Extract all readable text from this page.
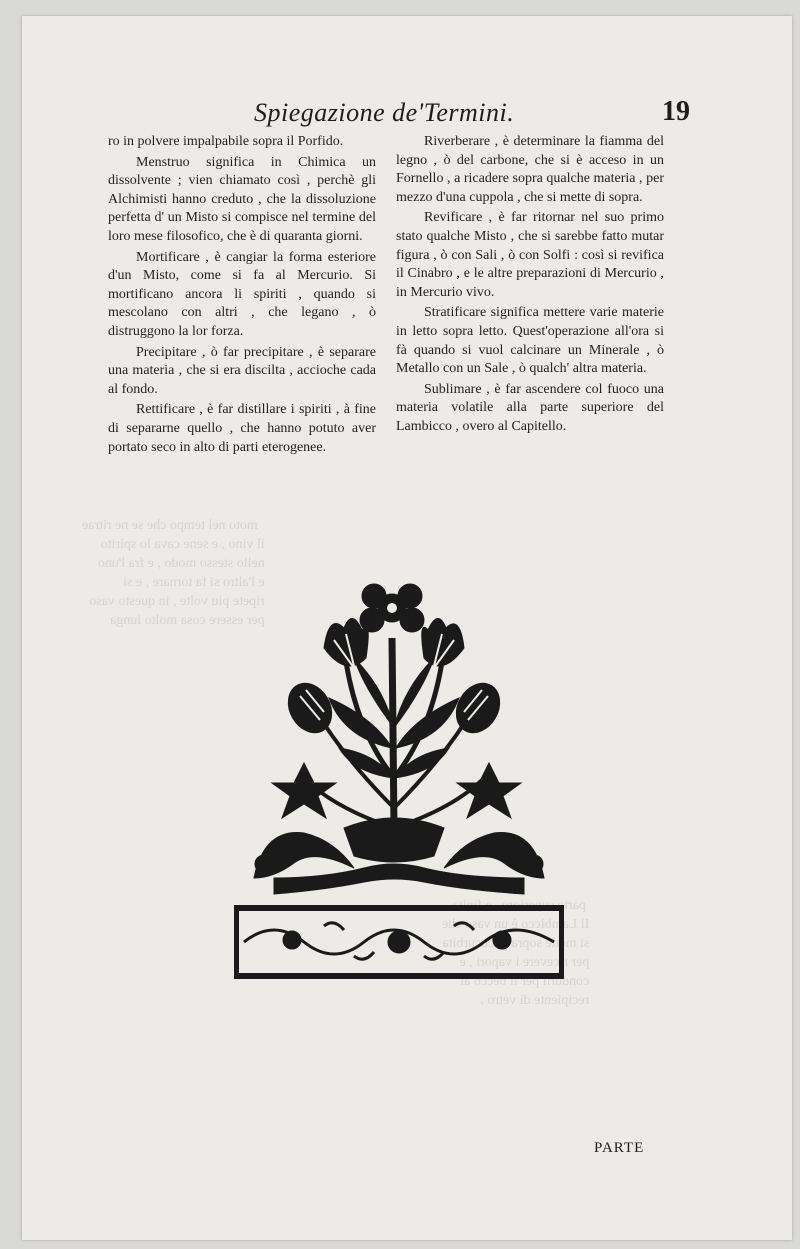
moto nel tempo che se ne ritrae
il vino , e sene cava lo spirito
nello stesso modo , e fra l'uno
e l'altro si fa tornare , e si
ripete piu volte , in questo vaso
per essere cosa molto lunga
parte superiore , e finita ,
Il Lambicco è un vaso che
si mette sopra  cucurbita
per ricevere i vapori , e
condurli per il becco al
recipiente di vetro .
Spiegazione de'Termini.	19

ro in polvere impalpabile sopra il Porfido.

Menstruo significa in Chimica un dissolvente ; vien chiamato così , perchè gli Alchimisti hanno creduto , che la dissoluzione perfetta d' un Misto si compisce nel termine del loro mese filosofico, che è di quaranta giorni.

Mortificare , è cangiar la forma esteriore d'un Misto, come si fa al Mercurio. Si mortificano ancora li spiriti , quando si mescolano con altri , che legano , ò distruggono la lor forza.

Precipitare , ò far precipitare , è separare una materia , che si era discilta , accioche cada al fondo.

Rettificare , è far distillare i spiriti , à fine di separarne quello , che hanno potuto aver portato seco in alto di parti eterogenee.

Riverberare , è determinare la fiamma del legno , ò del carbone, che si è acceso in un Fornello , a ricadere sopra qualche materia , per mezzo d'una cuppola , che si mette di sopra.

Revificare , è far ritornar nel suo primo stato qualche Misto , che si sarebbe fatto mutar figura , ò con Sali , ò con Solfi : così si revifica il Cinabro , e le altre preparazioni di Mercurio , in Mercurio vivo.

Stratificare significa mettere varie materie in letto sopra letto. Quest'operazione all'ora si fà quando si vuol calcinare un Minerale , ò Metallo con un Sale , ò qualch' altra materia.

Sublimare , è far ascendere col fuoco una materia volatile alla parte superiore del Lambicco , overo al Capitello.

PARTE
